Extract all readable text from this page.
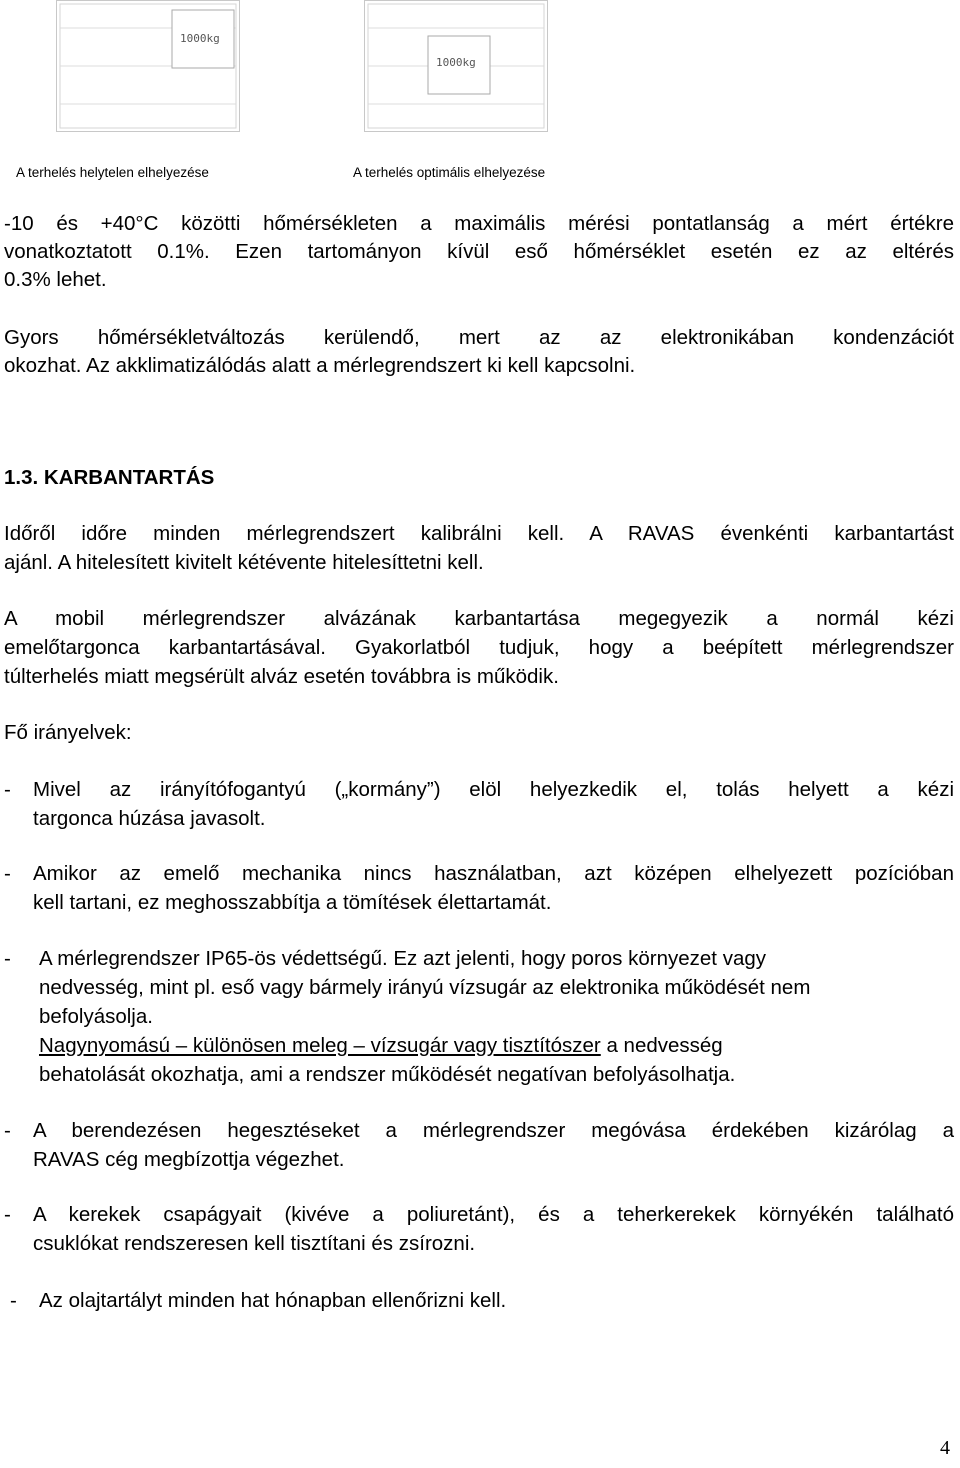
1000kg
1000kg
A terhelés helytelen elhelyezése	A terhelés optimális elhelyezése
-10 és +40°C közötti hőmérsékleten a maximális mérési pontatlanság a mért értékre
vonatkoztatott 0.1%. Ezen tartományon kívül eső hőmérséklet esetén ez az eltérés
0.3% lehet.
Gyors hőmérsékletváltozás kerülendő, mert az az elektronikában kondenzációt
okozhat. Az akklimatizálódás alatt a mérlegrendszert ki kell kapcsolni.
1.3. KARBANTARTÁS
Időről időre minden mérlegrendszert kalibrálni kell. A RAVAS évenkénti karbantartást
ajánl. A hitelesített kivitelt kétévente hitelesíttetni kell.
A mobil mérlegrendszer alvázának karbantartása megegyezik a normál kézi
emelőtargonca karbantartásával. Gyakorlatból tudjuk, hogy a beépített mérlegrendszer
túlterhelés miatt megsérült alváz esetén továbbra is működik.
Fő irányelvek:
- Mivel az irányítófogantyú („kormány”) elöl helyezkedik el, tolás helyett a kézi
targonca húzása javasolt.
- Amikor az emelő mechanika nincs használatban, azt középen elhelyezett pozícióban
kell tartani, ez meghosszabbítja a tömítések élettartamát.
- A mérlegrendszer IP65-ös védettségű. Ez azt jelenti, hogy poros környezet vagy
nedvesség, mint pl. eső vagy bármely irányú vízsugár az elektronika működését nem
befolyásolja.
Nagynyomású – különösen meleg – vízsugár vagy tisztítószer a nedvesség
behatolását okozhatja, ami a rendszer működését negatívan befolyásolhatja.
- A berendezésen hegesztéseket a mérlegrendszer megóvása érdekében kizárólag a
RAVAS cég megbízottja végezhet.
- A kerekek csapágyait (kivéve a poliuretánt), és a teherkerekek környékén található
csuklókat rendszeresen kell tisztítani és zsírozni.
- Az olajtartályt minden hat hónapban ellenőrizni kell.
4
